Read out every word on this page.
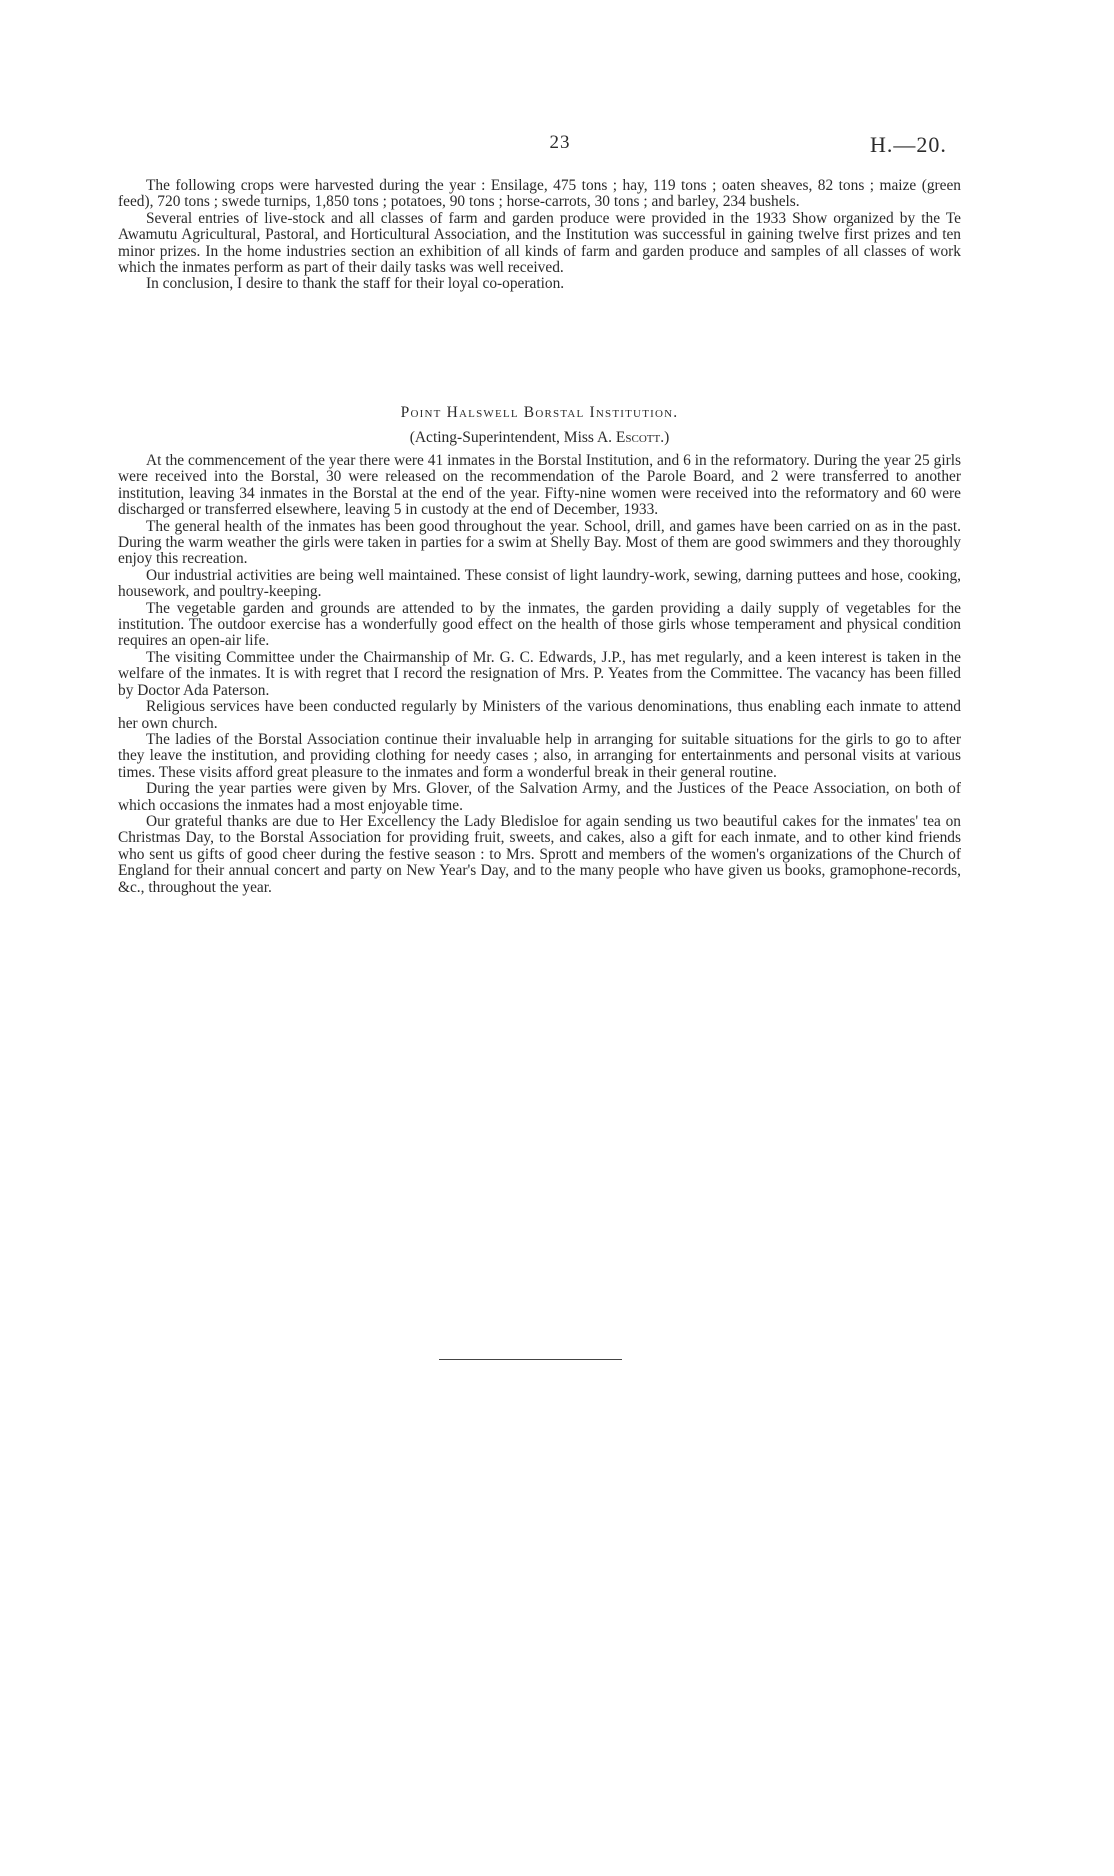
23	H.—20.

The following crops were harvested during the year : Ensilage, 475 tons ; hay, 119 tons ; oaten sheaves, 82 tons ; maize (green feed), 720 tons ; swede turnips, 1,850 tons ; potatoes, 90 tons ; horse-carrots, 30 tons ; and barley, 234 bushels.

Several entries of live-stock and all classes of farm and garden produce were provided in the 1933 Show organized by the Te Awamutu Agricultural, Pastoral, and Horticultural Association, and the Institution was successful in gaining twelve first prizes and ten minor prizes. In the home industries section an exhibition of all kinds of farm and garden produce and samples of all classes of work which the inmates perform as part of their daily tasks was well received.

In conclusion, I desire to thank the staff for their loyal co-operation.

Point Halswell Borstal Institution.
(Acting-Superintendent, Miss A. Escott.)

At the commencement of the year there were 41 inmates in the Borstal Institution, and 6 in the reformatory. During the year 25 girls were received into the Borstal, 30 were released on the recommendation of the Parole Board, and 2 were transferred to another institution, leaving 34 inmates in the Borstal at the end of the year. Fifty-nine women were received into the reformatory and 60 were discharged or transferred elsewhere, leaving 5 in custody at the end of December, 1933.

The general health of the inmates has been good throughout the year. School, drill, and games have been carried on as in the past. During the warm weather the girls were taken in parties for a swim at Shelly Bay. Most of them are good swimmers and they thoroughly enjoy this recreation.

Our industrial activities are being well maintained. These consist of light laundry-work, sewing, darning puttees and hose, cooking, housework, and poultry-keeping.

The vegetable garden and grounds are attended to by the inmates, the garden providing a daily supply of vegetables for the institution. The outdoor exercise has a wonderfully good effect on the health of those girls whose temperament and physical condition requires an open-air life.

The visiting Committee under the Chairmanship of Mr. G. C. Edwards, J.P., has met regularly, and a keen interest is taken in the welfare of the inmates. It is with regret that I record the resignation of Mrs. P. Yeates from the Committee. The vacancy has been filled by Doctor Ada Paterson.

Religious services have been conducted regularly by Ministers of the various denominations, thus enabling each inmate to attend her own church.

The ladies of the Borstal Association continue their invaluable help in arranging for suitable situations for the girls to go to after they leave the institution, and providing clothing for needy cases ; also, in arranging for entertainments and personal visits at various times. These visits afford great pleasure to the inmates and form a wonderful break in their general routine.

During the year parties were given by Mrs. Glover, of the Salvation Army, and the Justices of the Peace Association, on both of which occasions the inmates had a most enjoyable time.

Our grateful thanks are due to Her Excellency the Lady Bledisloe for again sending us two beautiful cakes for the inmates' tea on Christmas Day, to the Borstal Association for providing fruit, sweets, and cakes, also a gift for each inmate, and to other kind friends who sent us gifts of good cheer during the festive season : to Mrs. Sprott and members of the women's organizations of the Church of England for their annual concert and party on New Year's Day, and to the many people who have given us books, gramophone-records, &c., throughout the year.
